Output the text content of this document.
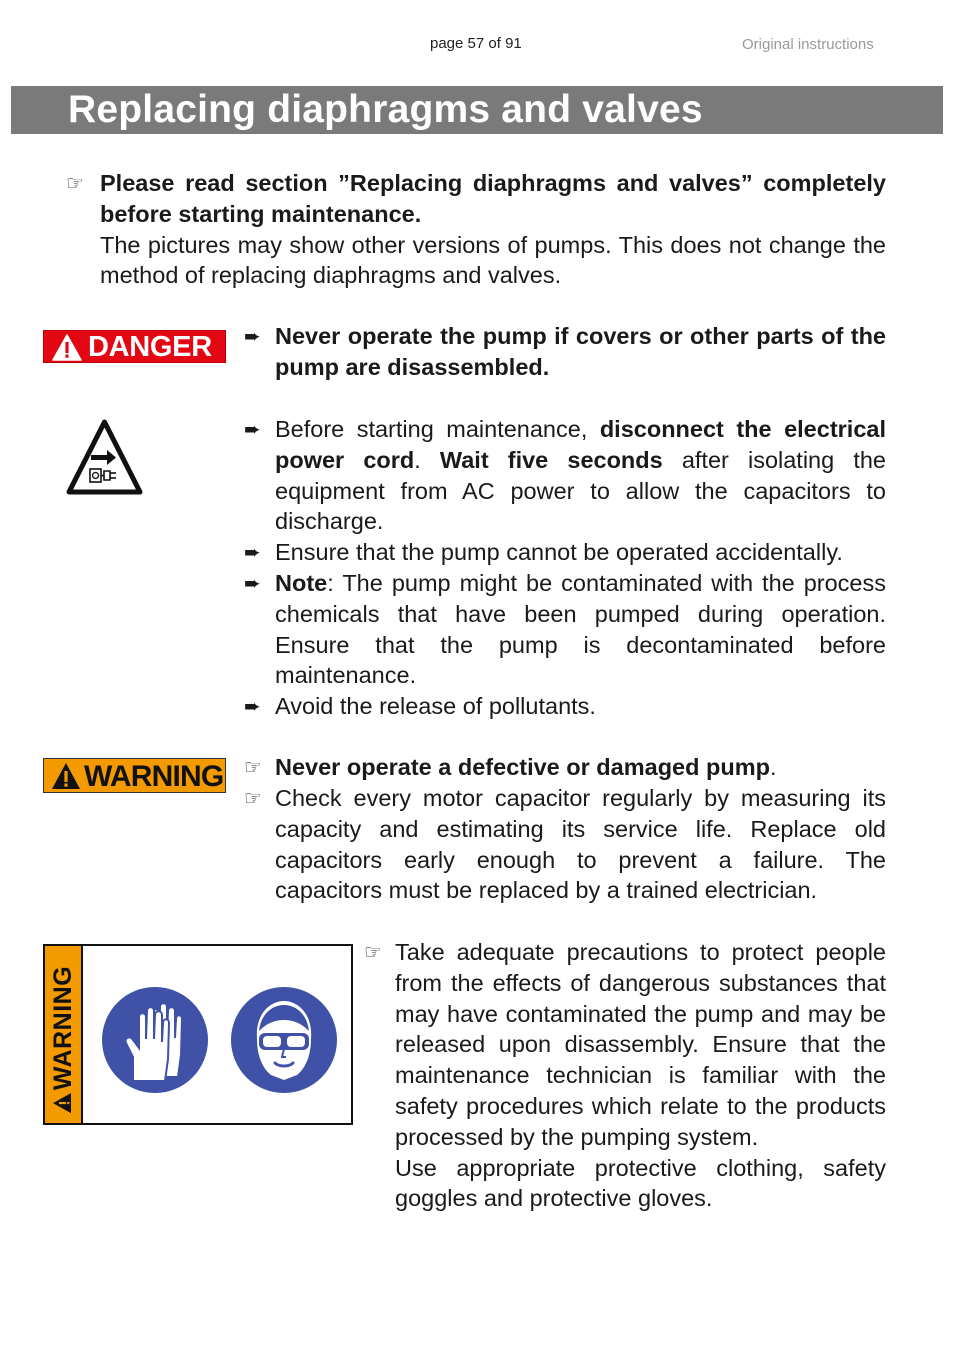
page 57 of 91	Original instructions
Replacing diaphragms and valves
☞ Please read section ”Replacing diaphragms and valves” completely before starting maintenance.

The pictures may show other versions of pumps. This does not change the method of replacing diaphragms and valves.

DANGER ➨ Never operate the pump if covers or other parts of the pump are disassembled.

➨ Before starting maintenance, disconnect the electrical power cord. Wait five seconds after isolating the equipment from AC power to allow the capacitors to discharge.

➨ Ensure that the pump cannot be operated accidentally.
➨ Note: The pump might be contaminated with the process chemicals that have been pumped during operation. Ensure that the pump is decontaminated before maintenance.

➨ Avoid the release of pollutants.
WARNING ☞ Never operate a defective or damaged pump.
☞ Check every motor capacitor regularly by measuring its capacity and estimating its service life. Replace old capacitors early enough to prevent a failure. The capacitors must be replaced by a trained electrician.

WARNING
☞ Take adequate precautions to protect people from the effects of dangerous substances that may have contaminated the pump and may be released upon disassembly. Ensure that the maintenance technician is familiar with the safety procedures which relate to the products processed by the pumping system.

Use appropriate protective clothing, safety goggles and protective gloves.
